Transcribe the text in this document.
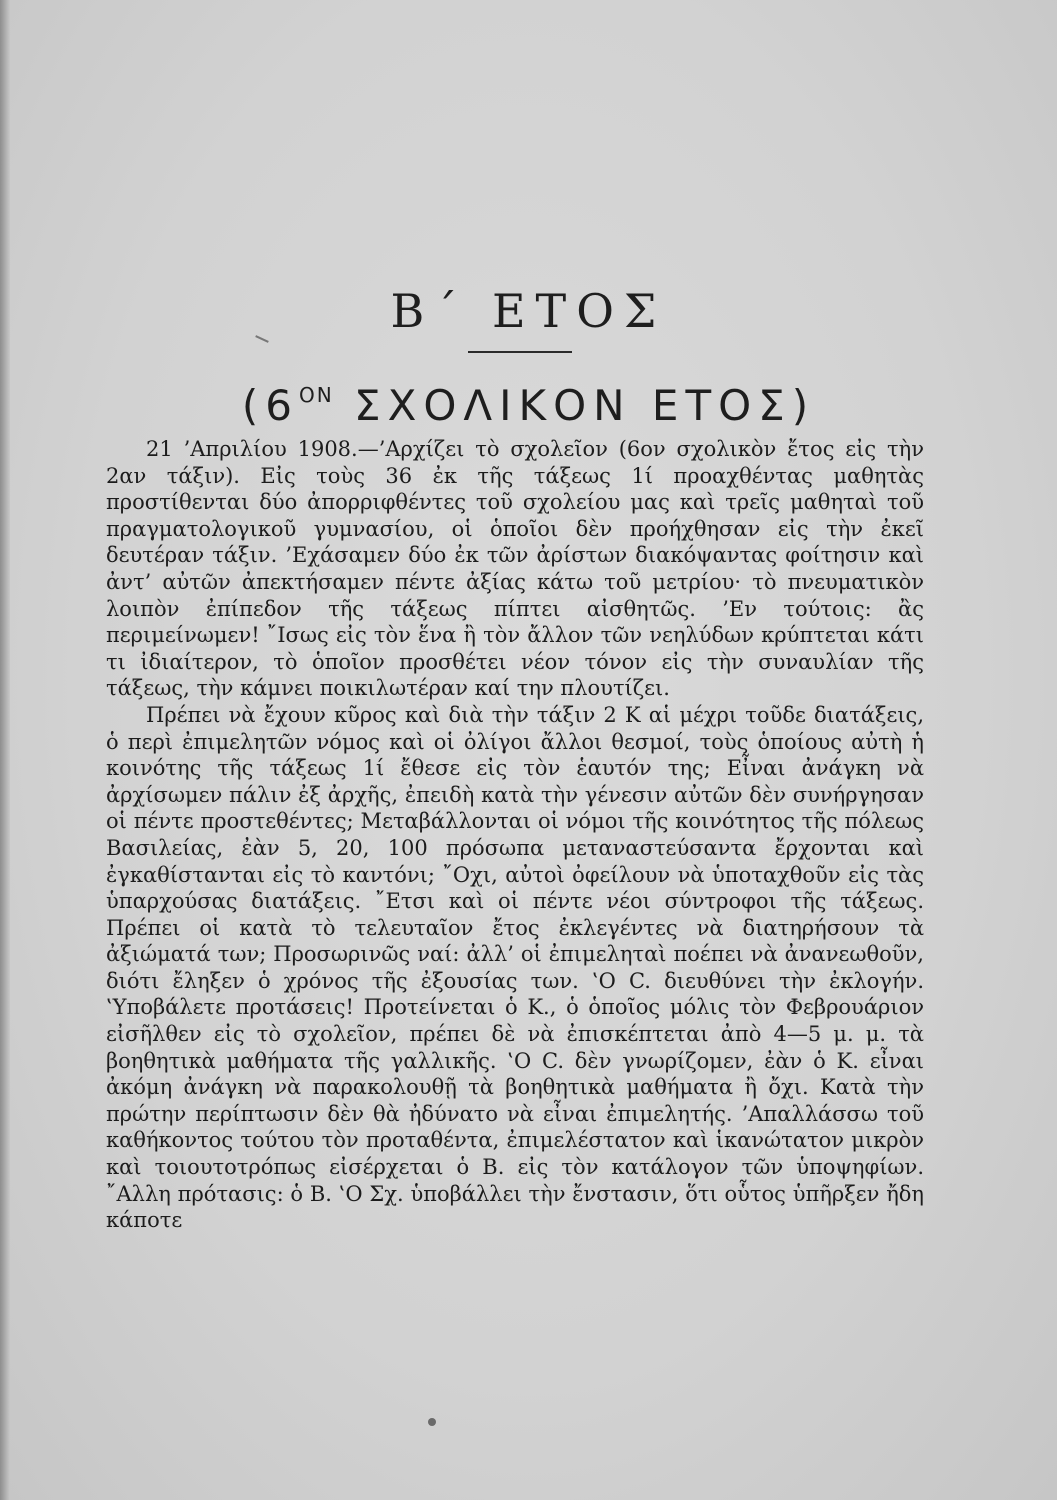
Β΄ ΕΤΟΣ
($6^{ON}$ ΣΧΟΛΙΚΟΝ ΕΤΟΣ)

21 ’Απριλίου 1908.—’Αρχίζει τὸ σχολεῖον (6ον σχολικὸν ἔτος εἰς τὴν 2αν τάξιν). Εἰς τοὺς 36 ἐκ τῆς τάξεως 1ί προαχθέντας μαθητὰς προστίθενται δύο ἀπορριφθέντες τοῦ σχολείου μας καὶ τρεῖς μαθηταὶ τοῦ πραγματολογικοῦ γυμνασίου, οἱ ὁποῖοι δὲν προήχθησαν εἰς τὴν ἐκεῖ δευτέραν τάξιν. ’Εχάσαμεν δύο ἐκ τῶν ἀρίστων διακόψαντας φοίτησιν καὶ ἀντ’ αὐτῶν ἀπεκτήσαμεν πέντε ἀξίας κάτω τοῦ μετρίου· τὸ πνευματικὸν λοιπὸν ἐπίπεδον τῆς τάξεως πίπτει αἰσθητῶς. ’Εν τούτοις: ἂς περιμείνωμεν! ῎Ισως εἰς τὸν ἕνα ἢ τὸν ἄλλον τῶν νεηλύδων κρύπτεται κάτι τι ἰδιαίτερον, τὸ ὁποῖον προσθέτει νέον τόνον εἰς τὴν συναυλίαν τῆς τάξεως, τὴν κάμνει ποικιλωτέραν καί την πλουτίζει.

Πρέπει νὰ ἔχουν κῦρος καὶ διὰ τὴν τάξιν 2 Κ αἱ μέχρι τοῦδε διατάξεις, ὁ περὶ ἐπιμελητῶν νόμος καὶ οἱ ὀλίγοι ἄλλοι θεσμοί, τοὺς ὁποίους αὐτὴ ἡ κοινότης τῆς τάξεως 1ί ἔθεσε εἰς τὸν ἑαυτόν της; Εἶναι ἀνάγκη νὰ ἀρχίσωμεν πάλιν ἐξ ἀρχῆς, ἐπειδὴ κατὰ τὴν γένεσιν αὐτῶν δὲν συνήργησαν οἱ πέντε προστεθέντες; Μεταβάλλονται οἱ νόμοι τῆς κοινότητος τῆς πόλεως Βασιλείας, ἐὰν 5, 20, 100 πρόσωπα μεταναστεύσαντα ἔρχονται καὶ ἐγκαθίστανται εἰς τὸ καντόνι; ῎Οχι, αὐτοὶ ὀφείλουν νὰ ὑποταχθοῦν εἰς τὰς ὑπαρχούσας διατάξεις. ῎Ετσι καὶ οἱ πέντε νέοι σύντροφοι τῆς τάξεως. Πρέπει οἱ κατὰ τὸ τελευταῖον ἔτος ἐκλεγέντες νὰ διατηρήσουν τὰ ἀξιώματά των; Προσωρινῶς ναί: ἀλλ’ οἱ ἐπιμεληταὶ ποέπει νὰ ἀνανεωθοῦν, διότι ἔληξεν ὁ χρόνος τῆς ἐξουσίας των. ‛Ο C. διευθύνει τὴν ἐκλογήν. ‛Υποβάλετε προτάσεις! Προτείνεται ὁ Κ., ὁ ὁποῖος μόλις τὸν Φεβρουάριον εἰσῆλθεν εἰς τὸ σχολεῖον, πρέπει δὲ νὰ ἐπισκέπτεται ἀπὸ 4—5 μ. μ. τὰ βοηθητικὰ μαθήματα τῆς γαλλικῆς. ‛Ο C. δὲν γνωρίζομεν, ἐὰν ὁ Κ. εἶναι ἀκόμη ἀνάγκη νὰ παρακολουθῇ τὰ βοηθητικὰ μαθήματα ἢ ὄχι. Κατὰ τὴν πρώτην περίπτωσιν δὲν θὰ ἠδύνατο νὰ εἶναι ἐπιμελητής. ’Απαλλάσσω τοῦ καθήκοντος τούτου τὸν προταθέντα, ἐπιμελέστατον καὶ ἱκανώτατον μικρὸν καὶ τοιουτοτρόπως εἰσέρχεται ὁ Β. εἰς τὸν κατάλογον τῶν ὑποψηφίων. ῎Αλλη πρότασις: ὁ Β. ‛Ο Σχ. ὑποβάλλει τὴν ἔνστασιν, ὅτι οὗτος ὑπῆρξεν ἤδη κάποτε
